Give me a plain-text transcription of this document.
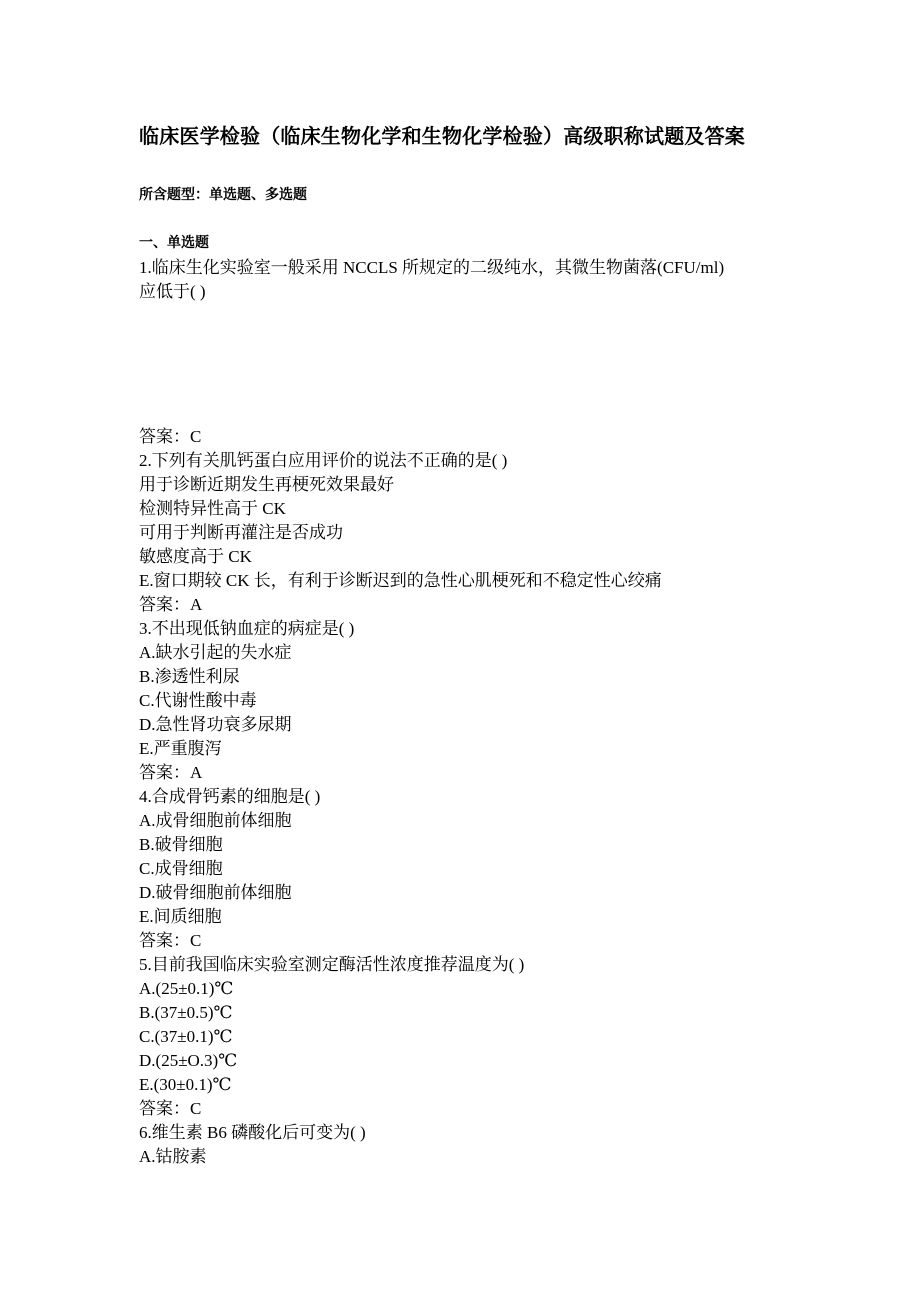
临床医学检验（临床生物化学和生物化学检验）高级职称试题及答案
所含题型：单选题、多选题
一、单选题
1.临床生化实验室一般采用 NCCLS 所规定的二级纯水，其微生物菌落(CFU/ml)
应低于( )
答案：C
2.下列有关肌钙蛋白应用评价的说法不正确的是( )
用于诊断近期发生再梗死效果最好
检测特异性高于 CK
可用于判断再灌注是否成功
敏感度高于 CK
E.窗口期较 CK 长，有利于诊断迟到的急性心肌梗死和不稳定性心绞痛
答案：A
3.不出现低钠血症的病症是( )
A.缺水引起的失水症
B.渗透性利尿
C.代谢性酸中毒
D.急性肾功衰多尿期
E.严重腹泻
答案：A
4.合成骨钙素的细胞是( )
A.成骨细胞前体细胞
B.破骨细胞
C.成骨细胞
D.破骨细胞前体细胞
E.间质细胞
答案：C
5.目前我国临床实验室测定酶活性浓度推荐温度为( )
A.(25±0.1)℃
B.(37±0.5)℃
C.(37±0.1)℃
D.(25±O.3)℃
E.(30±0.1)℃
答案：C
6.维生素 B6 磷酸化后可变为( )
A.钴胺素
